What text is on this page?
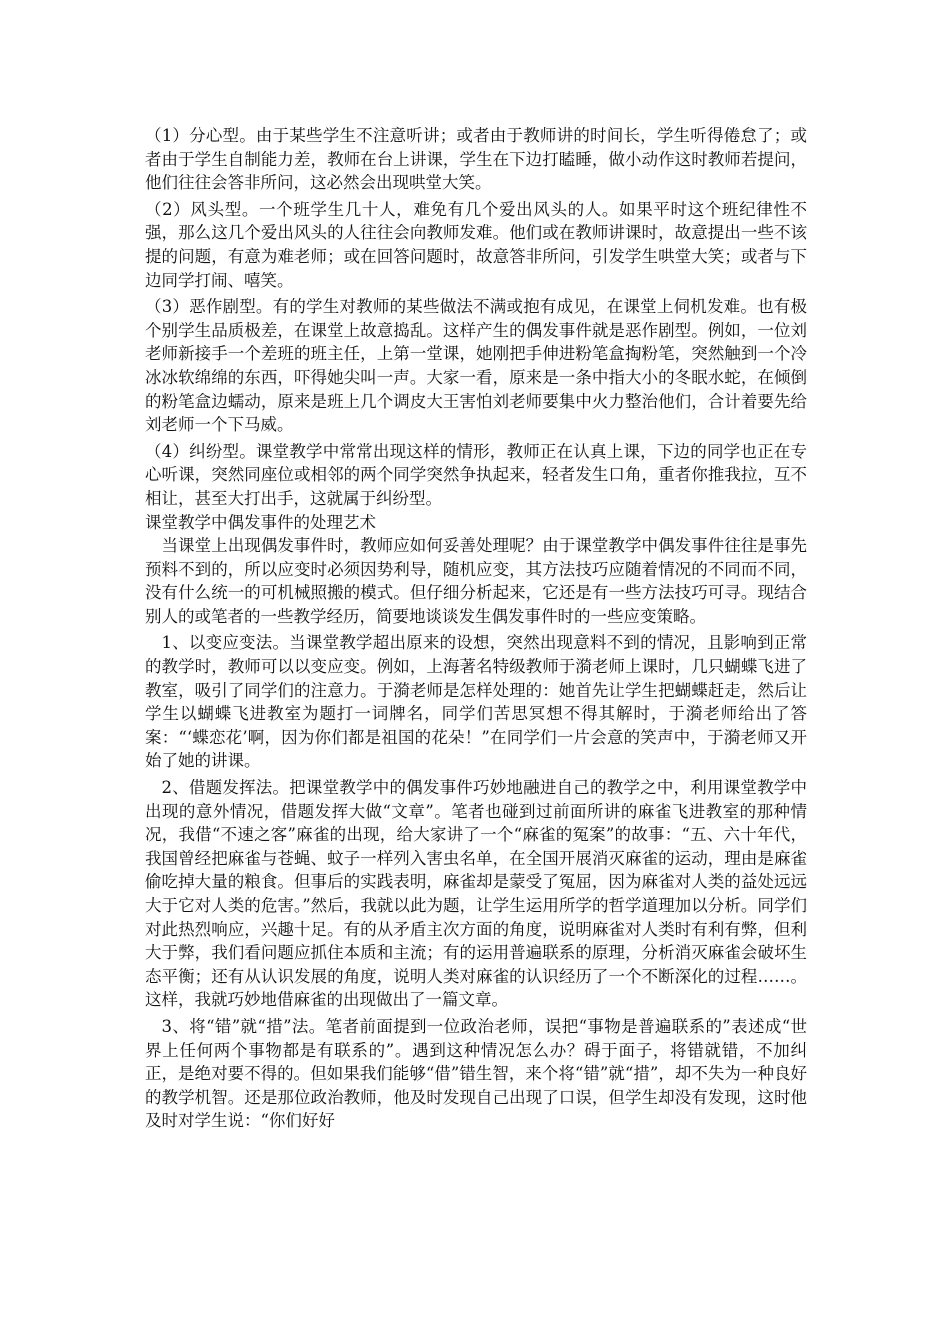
（1）分心型。由于某些学生不注意听讲；或者由于教师讲的时间长，学生听得倦怠了；或者由于学生自制能力差，教师在台上讲课，学生在下边打瞌睡，做小动作这时教师若提问，他们往往会答非所问，这必然会出现哄堂大笑。

（2）风头型。一个班学生几十人，难免有几个爱出风头的人。如果平时这个班纪律性不强，那么这几个爱出风头的人往往会向教师发难。他们或在教师讲课时，故意提出一些不该提的问题，有意为难老师；或在回答问题时，故意答非所问，引发学生哄堂大笑；或者与下边同学打闹、嘻笑。

（3）恶作剧型。有的学生对教师的某些做法不满或抱有成见，在课堂上伺机发难。也有极个别学生品质极差，在课堂上故意捣乱。这样产生的偶发事件就是恶作剧型。例如，一位刘老师新接手一个差班的班主任，上第一堂课，她刚把手伸进粉笔盒掏粉笔，突然触到一个冷冰冰软绵绵的东西，吓得她尖叫一声。大家一看，原来是一条中指大小的冬眠水蛇，在倾倒的粉笔盒边蠕动，原来是班上几个调皮大王害怕刘老师要集中火力整治他们，合计着要先给刘老师一个下马威。

（4）纠纷型。课堂教学中常常出现这样的情形，教师正在认真上课，下边的同学也正在专心听课，突然同座位或相邻的两个同学突然争执起来，轻者发生口角，重者你推我拉，互不相让，甚至大打出手，这就属于纠纷型。

课堂教学中偶发事件的处理艺术

当课堂上出现偶发事件时，教师应如何妥善处理呢？由于课堂教学中偶发事件往往是事先预料不到的，所以应变时必须因势利导，随机应变，其方法技巧应随着情况的不同而不同，没有什么统一的可机械照搬的模式。但仔细分析起来，它还是有一些方法技巧可寻。现结合别人的或笔者的一些教学经历，简要地谈谈发生偶发事件时的一些应变策略。

1、以变应变法。当课堂教学超出原来的设想，突然出现意料不到的情况，且影响到正常的教学时，教师可以以变应变。例如，上海著名特级教师于漪老师上课时，几只蝴蝶飞进了教室，吸引了同学们的注意力。于漪老师是怎样处理的：她首先让学生把蝴蝶赶走，然后让学生以蝴蝶飞进教室为题打一词牌名，同学们苦思冥想不得其解时，于漪老师给出了答案：“‘蝶恋花’啊，因为你们都是祖国的花朵！”在同学们一片会意的笑声中，于漪老师又开始了她的讲课。

2、借题发挥法。把课堂教学中的偶发事件巧妙地融进自己的教学之中，利用课堂教学中出现的意外情况，借题发挥大做“文章”。笔者也碰到过前面所讲的麻雀飞进教室的那种情况，我借“不速之客”麻雀的出现，给大家讲了一个“麻雀的冤案”的故事：“五、六十年代，我国曾经把麻雀与苍蝇、蚊子一样列入害虫名单，在全国开展消灭麻雀的运动，理由是麻雀偷吃掉大量的粮食。但事后的实践表明，麻雀却是蒙受了冤屈，因为麻雀对人类的益处远远大于它对人类的危害。”然后，我就以此为题，让学生运用所学的哲学道理加以分析。同学们对此热烈响应，兴趣十足。有的从矛盾主次方面的角度，说明麻雀对人类时有利有弊，但利大于弊，我们看问题应抓住本质和主流；有的运用普遍联系的原理，分析消灭麻雀会破坏生态平衡；还有从认识发展的角度，说明人类对麻雀的认识经历了一个不断深化的过程……。这样，我就巧妙地借麻雀的出现做出了一篇文章。

3、将“错”就“措”法。笔者前面提到一位政治老师，误把“事物是普遍联系的”表述成“世界上任何两个事物都是有联系的”。遇到这种情况怎么办？碍于面子，将错就错，不加纠正，是绝对要不得的。但如果我们能够“借”错生智，来个将“错”就“措”，却不失为一种良好的教学机智。还是那位政治教师，他及时发现自己出现了口误，但学生却没有发现，这时他及时对学生说：“你们好好
